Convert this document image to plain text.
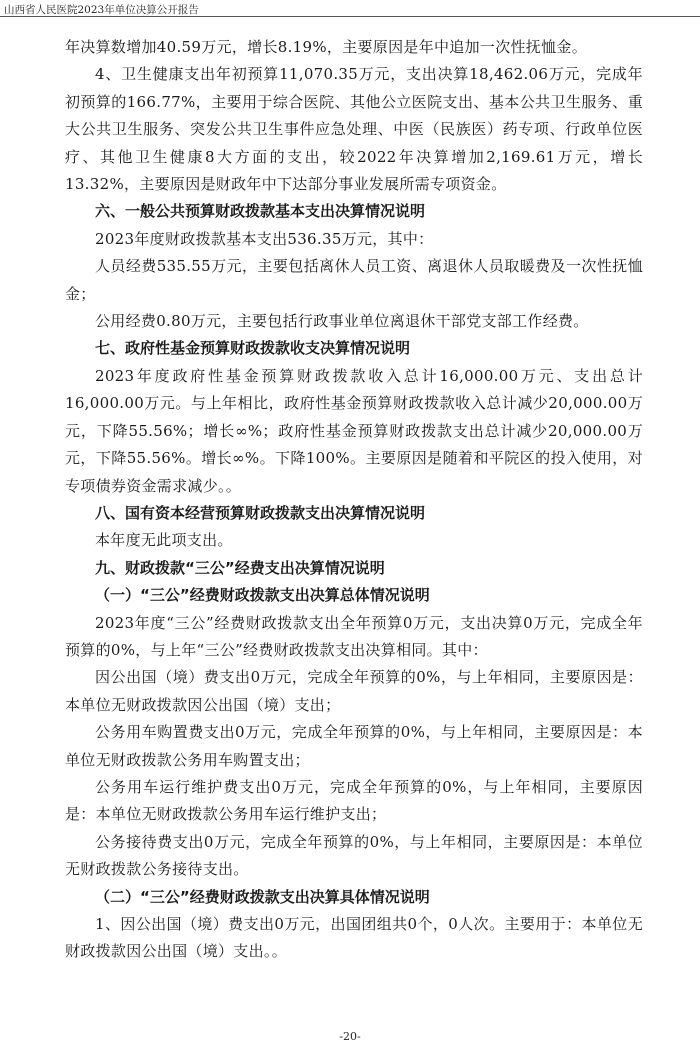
山西省人民医院2023年单位决算公开报告

年决算数增加40.59万元，增长8.19%，主要原因是年中追加一次性抚恤金。

4、卫生健康支出年初预算11,070.35万元，支出决算18,462.06万元，完成年初预算的166.77%，主要用于综合医院、其他公立医院支出、基本公共卫生服务、重大公共卫生服务、突发公共卫生事件应急处理、中医（民族医）药专项、行政单位医疗、其他卫生健康8大方面的支出，较2022年决算增加2,169.61万元，增长13.32%，主要原因是财政年中下达部分事业发展所需专项资金。

六、一般公共预算财政拨款基本支出决算情况说明

2023年度财政拨款基本支出536.35万元，其中：

人员经费535.55万元，主要包括离休人员工资、离退休人员取暖费及一次性抚恤金；

公用经费0.80万元，主要包括行政事业单位离退休干部党支部工作经费。

七、政府性基金预算财政拨款收支决算情况说明

2023年度政府性基金预算财政拨款收入总计16,000.00万元、支出总计16,000.00万元。与上年相比，政府性基金预算财政拨款收入总计减少20,000.00万元，下降55.56%；增长∞%；政府性基金预算财政拨款支出总计减少20,000.00万元，下降55.56%。增长∞%。下降100%。主要原因是随着和平院区的投入使用，对专项债券资金需求减少。。

八、国有资本经营预算财政拨款支出决算情况说明

本年度无此项支出。

九、财政拨款“三公”经费支出决算情况说明

（一）“三公”经费财政拨款支出决算总体情况说明

2023年度“三公”经费财政拨款支出全年预算0万元，支出决算0万元，完成全年预算的0%，与上年“三公”经费财政拨款支出决算相同。其中：

因公出国（境）费支出0万元，完成全年预算的0%，与上年相同，主要原因是：本单位无财政拨款因公出国（境）支出；

公务用车购置费支出0万元，完成全年预算的0%，与上年相同，主要原因是：本单位无财政拨款公务用车购置支出；

公务用车运行维护费支出0万元，完成全年预算的0%，与上年相同，主要原因是：本单位无财政拨款公务用车运行维护支出；

公务接待费支出0万元，完成全年预算的0%，与上年相同，主要原因是：本单位无财政拨款公务接待支出。

（二）“三公”经费财政拨款支出决算具体情况说明

1、因公出国（境）费支出0万元，出国团组共0个，0人次。主要用于：本单位无财政拨款因公出国（境）支出。。

-20-
